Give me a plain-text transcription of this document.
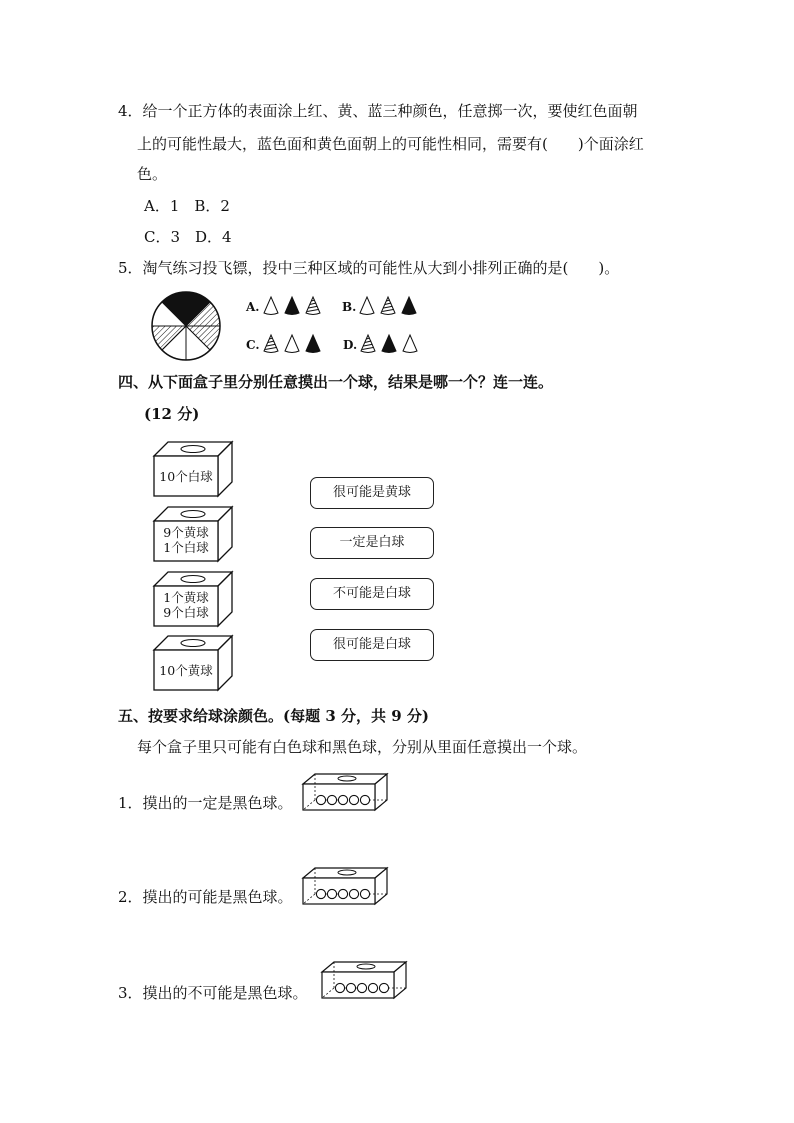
4．给一个正方体的表面涂上红、黄、蓝三种颜色，任意掷一次，要使红色面朝
上的可能性最大，蓝色面和黄色面朝上的可能性相同，需要有(　　)个面涂红
色。
A．1　B．2
C．3　D．4
5．淘气练习投飞镖，投中三种区域的可能性从大到小排列正确的是(　　)。
A.	B.
C.	D.
四、从下面盒子里分别任意摸出一个球，结果是哪一个？连一连。
(12 分)
10个白球
9个黄球
1个白球
1个黄球
9个白球
10个黄球
很可能是黄球
一定是白球
不可能是白球
很可能是白球
五、按要求给球涂颜色。(每题 3 分，共 9 分)
每个盒子里只可能有白色球和黑色球，分别从里面任意摸出一个球。
1．摸出的一定是黑色球。
2．摸出的可能是黑色球。
3．摸出的不可能是黑色球。
